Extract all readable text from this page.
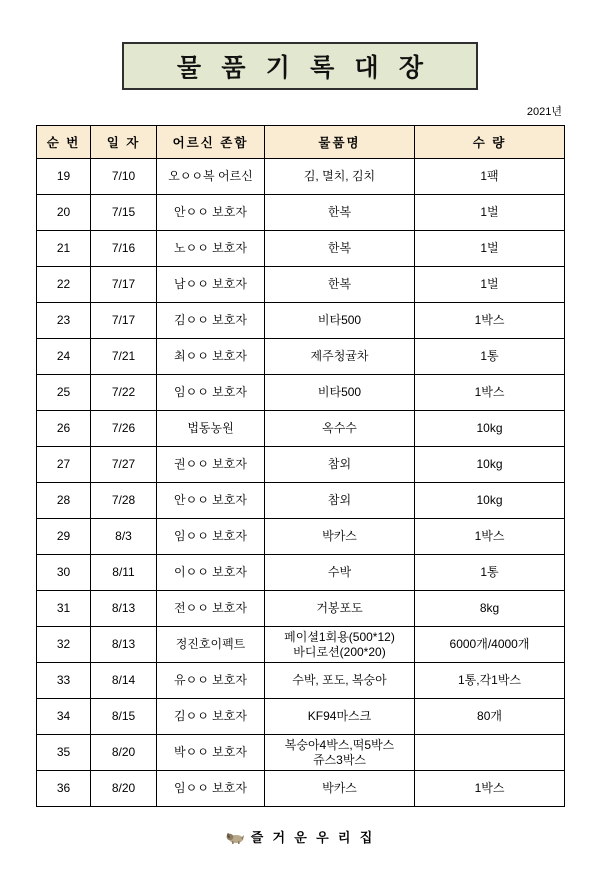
물 품 기 록 대 장
2021년
순 번	일 자	어르신 존함	물품명	수 량
19	7/10	오ㅇㅇ복 어르신	김, 멸치, 김치	1팩
20	7/15	안ㅇㅇ 보호자	한복	1벌
21	7/16	노ㅇㅇ 보호자	한복	1벌
22	7/17	남ㅇㅇ 보호자	한복	1벌
23	7/17	김ㅇㅇ 보호자	비타500	1박스
24	7/21	최ㅇㅇ 보호자	제주청귤차	1통
25	7/22	임ㅇㅇ 보호자	비타500	1박스
26	7/26	법동농원	옥수수	10kg
27	7/27	권ㅇㅇ 보호자	참외	10kg
28	7/28	안ㅇㅇ 보호자	참외	10kg
29	8/3	임ㅇㅇ 보호자	박카스	1박스
30	8/11	이ㅇㅇ 보호자	수박	1통
31	8/13	전ㅇㅇ 보호자	거봉포도	8kg
32	8/13	정진호이펙트	페이셜1회용(500*12)
바디로션(200*20)	6000개/4000개
33	8/14	유ㅇㅇ 보호자	수박, 포도, 복숭아	1통,각1박스
34	8/15	김ㅇㅇ 보호자	KF94마스크	80개
35	8/20	박ㅇㅇ 보호자	복숭아4박스,떡5박스
쥬스3박스	
36	8/20	임ㅇㅇ 보호자	박카스	1박스
즐 거 운 우 리 집
